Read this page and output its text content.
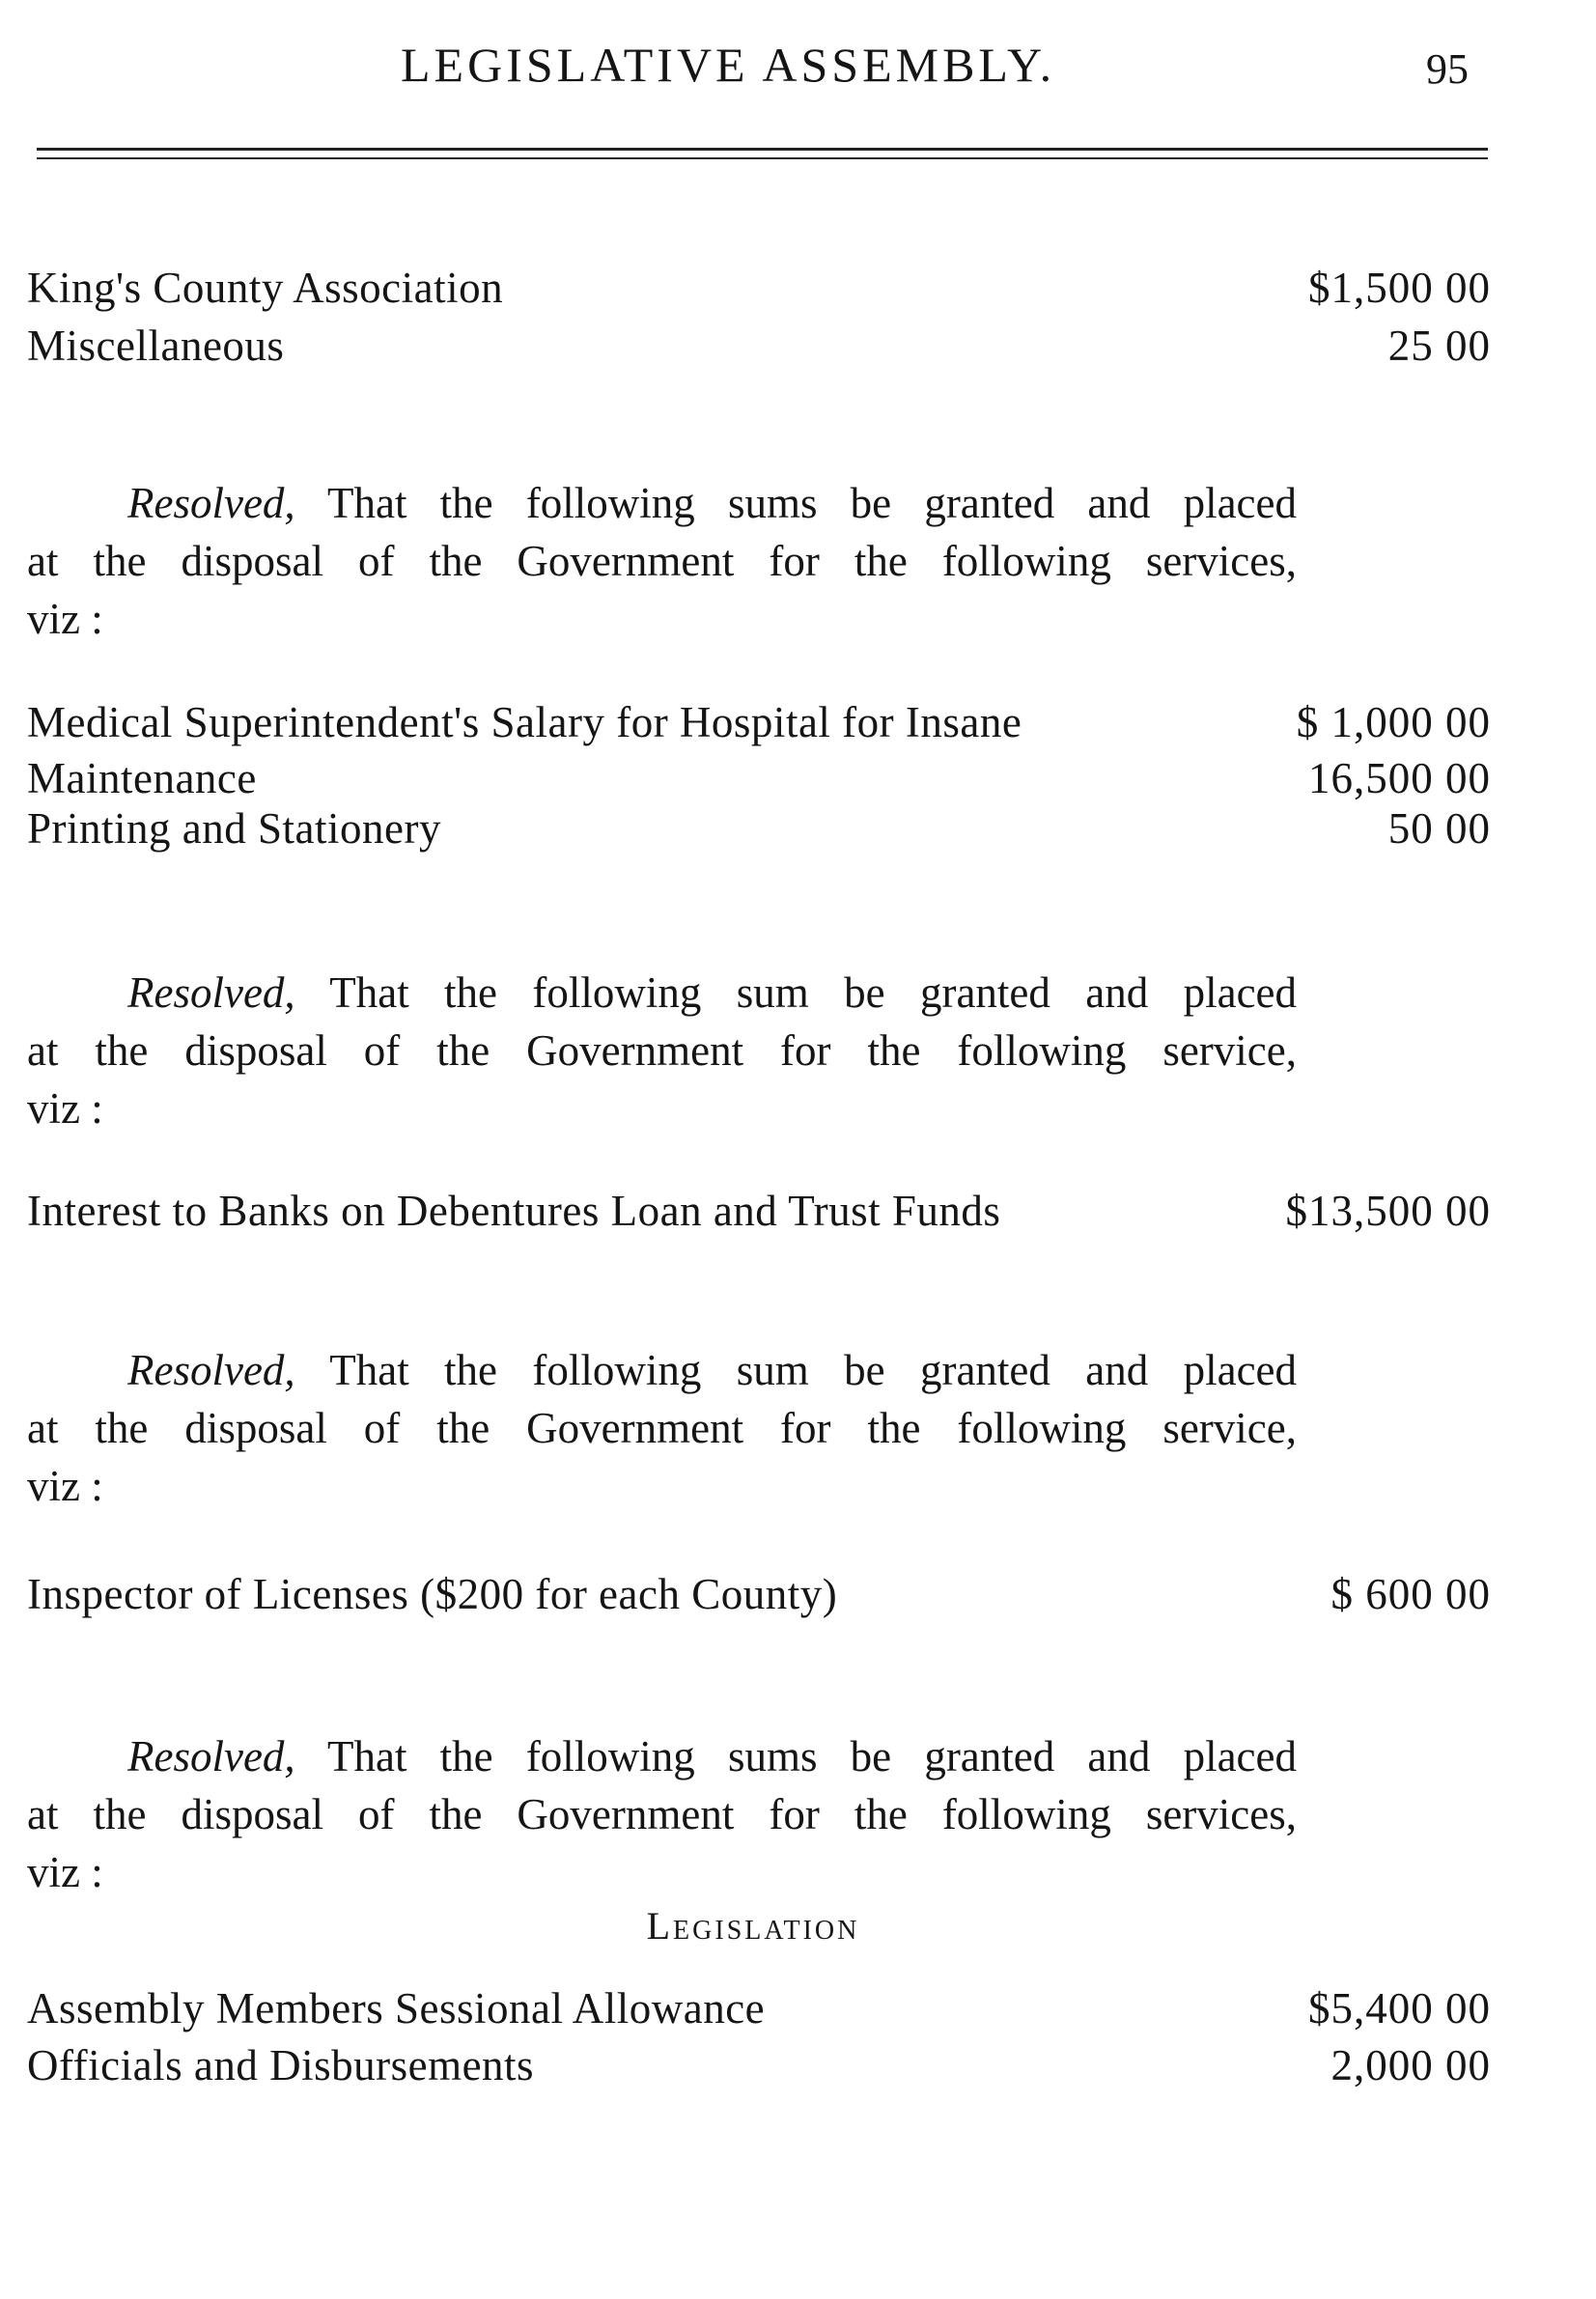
LEGISLATIVE ASSEMBLY.	95
King's County Association	$1,500 00
Miscellaneous	25 00
Resolved, That the following sums be granted and placed
at the disposal of the Government for the following services,
viz :
Medical Superintendent's Salary for Hospital for Insane	$ 1,000 00
Maintenance	16,500 00
Printing and Stationery	50 00
Resolved, That the following sum be granted and placed
at the disposal of the Government for the following service,
viz :
Interest to Banks on Debentures Loan and Trust Funds	$13,500 00
Resolved, That the following sum be granted and placed
at the disposal of the Government for the following service,
viz :
Inspector of Licenses ($200 for each County)	$ 600 00
Resolved, That the following sums be granted and placed
at the disposal of the Government for the following services,
viz :
Legislation
Assembly Members Sessional Allowance	$5,400 00
Officials and Disbursements	2,000 00
